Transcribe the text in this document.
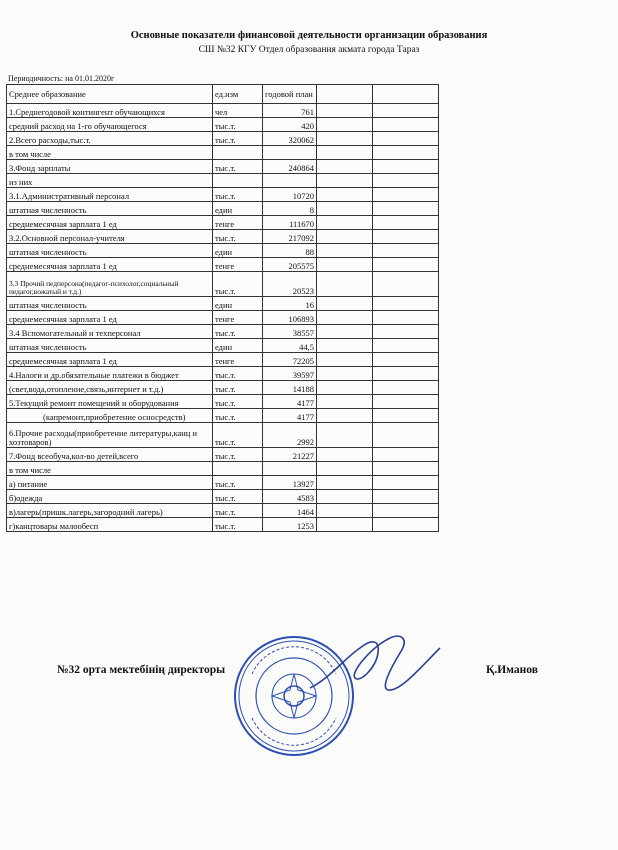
Основные показатели финансовой деятельности организации образования
СШ №32 КГУ Отдел образования акмата города Тараз
Периодичность: на 01.01.2020г
Среднее образование	ед.изм	годовой план		
1.Среднегодовой контингент обучающихся	чел	761		
средний расход на 1-го обучающегося	тыс.т.	420		
2.Всего расходы,тыс.т.	тыс.т.	320062		
в том числе				
3.Фонд зарплаты	тыс.т.	240864		
из них				
3.1.Административный персонал	тыс.т.	10720		
штатная численность	един	8		
среднемесячная зарплата 1 ед	тенге	111670		
3.2.Основной персонал-учителя	тыс.т.	217092		
штатная численность	един	88		
среднемесячная зарплата 1 ед	тенге	205575		
3.3 Прочий педперсона(педагог-психолог,социальный педагог,вожатый и т.д.)	тыс.т.	20523		
штатная численность	един	16		
среднемесячная зарплата 1 ед	тенге	106893		
3.4 Вспомогательный и техперсонал	тыс.т.	38557		
штатная численность	един	44,5		
среднемесячная зарплата 1 ед	тенге	72205		
4.Налоги и др.обязательные платежи в бюджет	тыс.т.	39597		
(свет,вода,отопление,связь,интернет и т.д.)	тыс.т.	14188		
5.Текущий ремонт помещений и оборудования	тыс.т.	4177		
(капремонт,приобретение осносредств)	тыс.т.	4177		
6.Прочие расходы(приобретение литературы,канц и хозтоваров)	тыс.т.	2992		
7.Фонд всеобуча,кол-во детей,всего	тыс.т.	21227		
в том числе				
а) питание	тыс.т.	13927		
б)одежда	тыс.т.	4583		
в)лагерь(пришк.лагерь,загородний лагерь)	тыс.т.	1464		
г)канцтовары малообесп	тыс.т.	1253		
№32 орта мектебінің директоры	Қ.Иманов
